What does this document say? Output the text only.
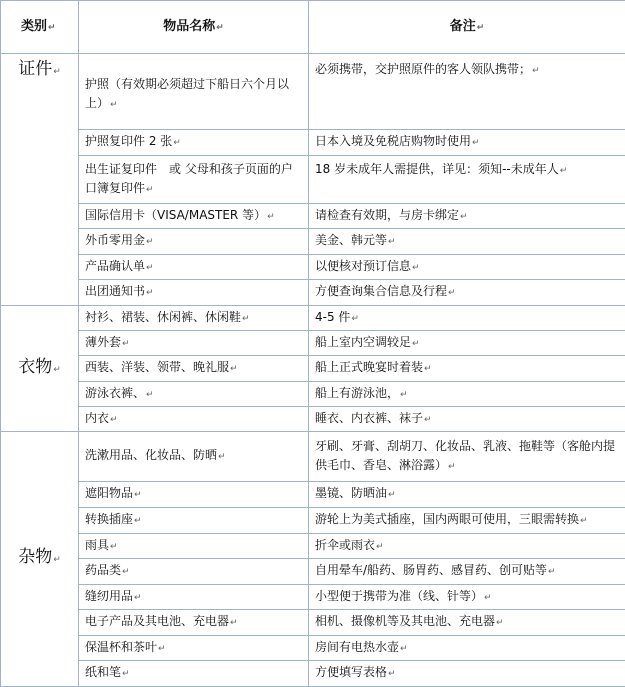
类别↵	物品名称↵	备注↵
证件↵	护照（有效期必须超过下船日六个月以上）↵	必须携带，交护照原件的客人领队携带；↵
	护照复印件 2 张↵	日本入境及免税店购物时使用↵
	出生证复印件　或 父母和孩子页面的户口簿复印件↵	18 岁未成年人需提供，详见：须知--未成年人↵
	国际信用卡（VISA/MASTER 等）↵	请检查有效期，与房卡绑定↵
	外币零用金↵	美金、韩元等↵
	产品确认单↵	以便核对预订信息↵
	出团通知书↵	方便查询集合信息及行程↵
衣物↵	衬衫、裙装、休闲裤、休闲鞋↵	4-5 件↵
	薄外套↵	船上室内空调较足↵
	西装、洋装、领带、晚礼服↵	船上正式晚宴时着装↵
	游泳衣裤、↵	船上有游泳池，↵
	内衣↵	睡衣、内衣裤、袜子↵
杂物↵	洗漱用品、化妆品、防晒↵	牙刷、牙膏、刮胡刀、化妆品、乳液、拖鞋等（客舱内提供毛巾、香皂、淋浴露）↵
	遮阳物品↵	墨镜、防晒油↵
	转换插座↵	游轮上为美式插座，国内两眼可使用，三眼需转换↵
	雨具↵	折伞或雨衣↵
	药品类↵	自用晕车/船药、肠胃药、感冒药、创可贴等↵
	缝纫用品↵	小型便于携带为准（线、针等）↵
	电子产品及其电池、充电器↵	相机、摄像机等及其电池、充电器↵
	保温杯和茶叶↵	房间有电热水壶↵
	纸和笔↵	方便填写表格↵
